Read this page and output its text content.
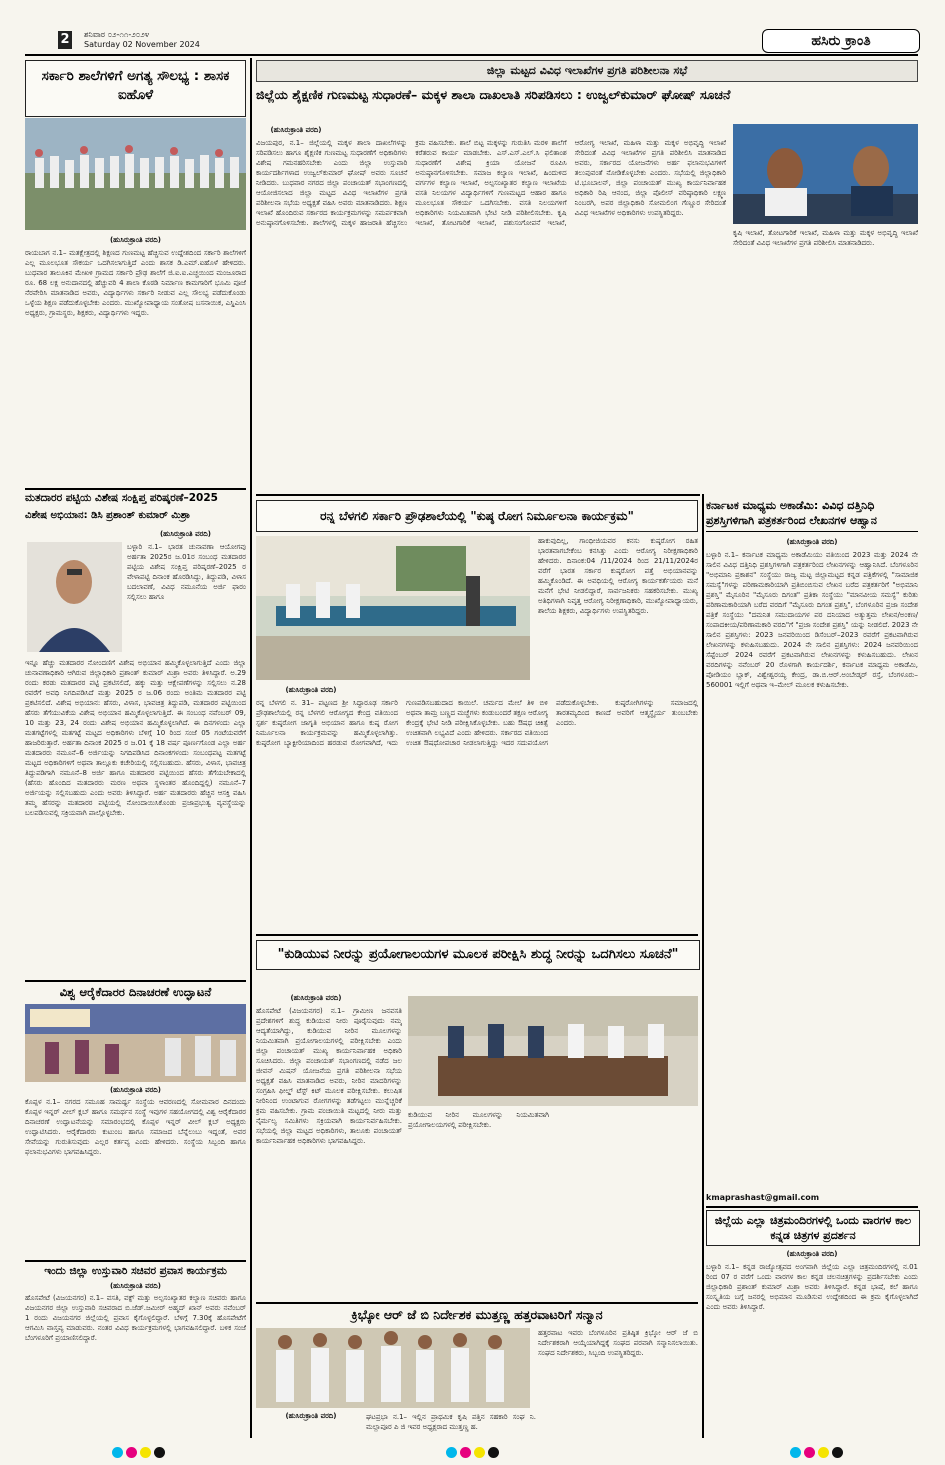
2	ಶನಿವಾರ ೦೨-೧೧-೨೦೨೪
Saturday 02 November 2024	ಹಸಿರು ಕ್ರಾಂತಿ
ಸರ್ಕಾರಿ ಶಾಲೆಗಳಿಗೆ ಅಗತ್ಯ ಸೌಲಭ್ಯ : ಶಾಸಕ ಐಹೊಳೆ
(ಹುಸಿರುಕ್ರಾಂತಿ ವರದಿ)
ರಾಯಬಾಗ ನ.1– ಮತಕ್ಷೇತ್ರದಲ್ಲಿ ಶಿಕ್ಷಣದ ಗುಣಮಟ್ಟ ಹೆಚ್ಚಿಸುವ ಉದ್ದೇಶದಿಂದ ಸರ್ಕಾರಿ ಶಾಲೆಗಳಿಗೆ ಎಲ್ಲ ಮೂಲಭೂತ ಸೌಕರ್ಯ ಒದಗಿಸಲಾಗುತ್ತಿದೆ ಎಂದು ಶಾಸಕ ಡಿ.ಎಮ್.ಐಹೊಳೆ ಹೇಳಿದರು. ಬುಧವಾರ ತಾಲೂಕಿನ ಮೇಖಳಿ ಗ್ರಾಮದ ಸರ್ಕಾರಿ ಪ್ರೌಢ ಶಾಲೆಗೆ ಜಿ.ಐ.ಐ.ಎಚ್ಚಯಿಂದ ಮಂಜೂರಾದ ರೂ. 68 ಲಕ್ಷ ಅನುದಾನದಲ್ಲಿ ಹೆಚ್ಚುವರಿ 4 ಶಾಲಾ ಕೊಠಡಿ ನಿರ್ಮಾಣ ಕಾಮಗಾರಿಗೆ ಭೂಮಿ ಪೂಜೆ ನೆರವೇರಿಸಿ ಮಾತನಾಡಿದ ಅವರು, ವಿದ್ಯಾರ್ಥಿಗಳು ಸರ್ಕಾರಿ ನೀಡುವ ಎಲ್ಲ ಸೌಲಭ್ಯ ಪಡೆದುಕೊಂಡು ಒಳ್ಳೆಯ ಶಿಕ್ಷಣ ಪಡೆದುಕೊಳ್ಳಬೇಕು ಎಂದರು. ಮುಖ್ಯೋಪಾಧ್ಯಾಯ ಸಂತೋಷ ಬಸನಾಯಿಕ, ಎಸ್ಡಿಎಂಸಿ ಅಧ್ಯಕ್ಷರು, ಗ್ರಾಮಸ್ಥರು, ಶಿಕ್ಷಕರು, ವಿದ್ಯಾರ್ಥಿಗಳು ಇದ್ದರು.
ಮತದಾರರ ಪಟ್ಟಿಯ ವಿಶೇಷ ಸಂಕ್ಷಿಪ್ತ ಪರಿಷ್ಕರಣೆ–2025
ವಿಶೇಷ ಅಭಿಯಾನ: ಡಿಸಿ ಪ್ರಶಾಂತ್ ಕುಮಾರ್ ಮಿಶ್ರಾ
(ಹುಸಿರುಕ್ರಾಂತಿ ವರದಿ)
ಬಳ್ಳಾರಿ ನ.1– ಭಾರತ ಚುನಾವಣಾ ಆಯೋಗವು ಅರ್ಹತಾ 2025ರ ಜ.01ರ ಸಂಬಂಧ ಮತದಾರರ ಪಟ್ಟಿಯ ವಿಶೇಷ ಸಂಕ್ಷಿಪ್ತ ಪರಿಷ್ಕರಣೆ–2025 ರ ವೇಳಾಪಟ್ಟಿ ದಿನಾಂಕ ಹೊರಡಿಸಿದ್ದು, ತಿದ್ದುಪಡಿ, ವಿಳಾಸ ಬದಲಾವಣೆ, ವಿವಿಧ ನಮೂನೆಯ ಅರ್ಜಿ ಫಾರಂ ಸಲ್ಲಿಸಲು ಹಾಗೂ
ಇನ್ನೂ ಹೆಚ್ಚು ಮತದಾರರ ನೋಂದಣಿಗೆ ವಿಶೇಷ ಅಭಿಯಾನ ಹಮ್ಮಿಕೊಳ್ಳಲಾಗುತ್ತಿದೆ ಎಂದು ಜಿಲ್ಲಾ ಚುನಾವಣಾಧಿಕಾರಿ ಆಗಿರುವ ಜಿಲ್ಲಾಧಿಕಾರಿ ಪ್ರಶಾಂತ್ ಕುಮಾರ್ ಮಿಶ್ರಾ ಅವರು ತಿಳಿಸಿದ್ದಾರೆ. ಅ.29 ರಂದು ಕರಡು ಮತದಾರರ ಪಟ್ಟಿ ಪ್ರಕಟಿಸಲಿದೆ, ಹಕ್ಕು ಮತ್ತು ಆಕ್ಷೇಪಣೆಗಳನ್ನು ಸಲ್ಲಿಸಲು ನ.28 ರವರೆಗೆ ಅವಧಿ ನಿಗದಿಪಡಿಸಿದೆ ಮತ್ತು 2025 ರ ಜ.06 ರಂದು ಅಂತಿಮ ಮತದಾರರ ಪಟ್ಟಿ ಪ್ರಕಟಿಸಲಿದೆ. ವಿಶೇಷ ಅಭಿಯಾನ: ಹೆಸರು, ವಿಳಾಸ, ಭಾವಚಿತ್ರ ತಿದ್ದುಪಡಿ, ಮತದಾರರ ಪಟ್ಟಿಯಿಂದ ಹೆಸರು ತೆಗೆಯುವಿಕೆಯ ವಿಶೇಷ ಅಭಿಯಾನ ಹಮ್ಮಿಕೊಳ್ಳಲಾಗುತ್ತಿದೆ. ಈ ಸಂಬಂಧ ನವೆಂಬರ್ 09, 10 ಮತ್ತು 23, 24 ರಂದು ವಿಶೇಷ ಅಭಿಯಾನ ಹಮ್ಮಿಕೊಳ್ಳಲಾಗಿದೆ. ಈ ದಿನಗಳಂದು ಎಲ್ಲಾ ಮತಗಟ್ಟೆಗಳಲ್ಲಿ ಮತಗಟ್ಟೆ ಮಟ್ಟದ ಅಧಿಕಾರಿಗಳು ಬೆಳಿಗ್ಗೆ 10 ರಿಂದ ಸಂಜೆ 05 ಗಂಟೆಯವರೆಗೆ ಹಾಜರಿರುತ್ತಾರೆ. ಅರ್ಹತಾ ದಿನಾಂಕ 2025 ರ ಜ.01 ಕ್ಕೆ 18 ವರ್ಷ ಪೂರ್ಣಗೊಂಡ ಎಲ್ಲಾ ಅರ್ಹ ಮತದಾರರು ನಮೂನೆ–6 ಅರ್ಜಿಯನ್ನು ನಿಗದಿಪಡಿಸಿದ ದಿನಾಂಕಗಳಂದು ಸಂಬಂಧಪಟ್ಟ ಮತಗಟ್ಟೆ ಮಟ್ಟದ ಅಧಿಕಾರಿಗಳಿಗೆ ಅಥವಾ ತಾಲ್ಲೂಕು ಕಚೇರಿಯಲ್ಲಿ ಸಲ್ಲಿಸಬಹುದು. ಹೆಸರು, ವಿಳಾಸ, ಭಾವಚಿತ್ರ ತಿದ್ದುಪಡಿಗಾಗಿ ನಮೂನೆ–8 ಅರ್ಜಿ ಹಾಗೂ ಮತದಾರರ ಪಟ್ಟಿಯಿಂದ ಹೆಸರು ತೆಗೆಯಬೇಕಾದಲ್ಲಿ (ಹೆಸರು ಹೊಂದಿದ ಮತದಾರರು ಮರಣ ಅಥವಾ ಸ್ಥಳಾಂತರ ಹೊಂದಿದ್ದಲ್ಲಿ) ನಮೂನೆ–7 ಅರ್ಜಿಯನ್ನು ಸಲ್ಲಿಸಬಹುದು ಎಂದು ಅವರು ತಿಳಿಸಿದ್ದಾರೆ. ಅರ್ಹ ಮತದಾರರು ಹೆಚ್ಚಿನ ಆಸಕ್ತಿ ವಹಿಸಿ ತಮ್ಮ ಹೆಸರನ್ನು ಮತದಾರರ ಪಟ್ಟಿಯಲ್ಲಿ ನೋಂದಾಯಿಸಿಕೊಂಡು ಪ್ರಜಾಪ್ರಭುತ್ವ ವ್ಯವಸ್ಥೆಯನ್ನು ಬಲಪಡಿಸುವಲ್ಲಿ ಸಕ್ರಿಯವಾಗಿ ಪಾಲ್ಗೊಳ್ಳಬೇಕು.
ವಿಶ್ವ ಆರೈಕೆದಾರರ ದಿನಾಚರಣೆ ಉದ್ಘಾಟನೆ
(ಹುಸಿರುಕ್ರಾಂತಿ ವರದಿ)
ಕೊಪ್ಪಳ ನ.1– ನಗರದ ಸಮೂಹ ಸಾಮರ್ಥ್ಯ ಸಂಸ್ಥೆಯ ಆವರಣದಲ್ಲಿ ಸೋಮವಾರ ದಿನದಂದು ಕೊಪ್ಪಳ ಇನ್ನರ್ ವೀಲ್ ಕ್ಲಬ್ ಹಾಗೂ ಸಮರ್ಥನ ಸಂಸ್ಥೆ ಇವುಗಳ ಸಹಯೋಗದಲ್ಲಿ ವಿಶ್ವ ಆರೈಕೆದಾರರ ದಿನಾಚರಣೆ ಉದ್ಘಾಟನೆಯನ್ನು ಸಮಾರಂಭದಲ್ಲಿ ಕೊಪ್ಪಳ ಇನ್ನರ್ ವೀಲ್ ಕ್ಲಬ್ ಅಧ್ಯಕ್ಷರು ಉದ್ಘಾಟಿಸಿದರು. ಆರೈಕೆದಾರರು ಕುಟುಂಬ ಹಾಗೂ ಸಮಾಜದ ಬೆನ್ನೆಲುಬು ಇದ್ದಂತೆ, ಅವರ ಸೇವೆಯನ್ನು ಗುರುತಿಸುವುದು ಎಲ್ಲರ ಕರ್ತವ್ಯ ಎಂದು ಹೇಳಿದರು. ಸಂಸ್ಥೆಯ ಸಿಬ್ಬಂದಿ ಹಾಗೂ ಫಲಾನುಭವಿಗಳು ಭಾಗವಹಿಸಿದ್ದರು.
ಇಂದು ಜಿಲ್ಲಾ ಉಸ್ತುವಾರಿ ಸಚಿವರ ಪ್ರವಾಸ ಕಾರ್ಯಕ್ರಮ
(ಹುಸಿರುಕ್ರಾಂತಿ ವರದಿ)
ಹೊಸಪೇಟೆ (ವಿಜಯನಗರ) ನ.1– ವಸತಿ, ವಕ್ಫ್ ಮತ್ತು ಅಲ್ಪಸಂಖ್ಯಾತರ ಕಲ್ಯಾಣ ಸಚಿವರು ಹಾಗೂ ವಿಜಯನಗರ ಜಿಲ್ಲಾ ಉಸ್ತುವಾರಿ ಸಚಿವರಾದ ಬಿ.ಜೆಡ್.ಜಮೀರ್ ಅಹ್ಮದ್ ಖಾನ್ ಅವರು ನವೆಂಬರ್ 1 ರಂದು ವಿಜಯನಗರ ಜಿಲ್ಲೆಯಲ್ಲಿ ಪ್ರವಾಸ ಕೈಗೊಳ್ಳಲಿದ್ದಾರೆ. ಬೆಳಿಗ್ಗೆ 7.30ಕ್ಕೆ ಹೊಸಪೇಟೆಗೆ ಆಗಮಿಸಿ ವಾಸ್ತವ್ಯ ಮಾಡುವರು. ನಂತರ ವಿವಿಧ ಕಾರ್ಯಕ್ರಮಗಳಲ್ಲಿ ಭಾಗವಹಿಸಲಿದ್ದಾರೆ. ಬಳಿಕ ಸಂಜೆ ಬೆಂಗಳೂರಿಗೆ ಪ್ರಯಾಣಿಸಲಿದ್ದಾರೆ.
ಜಿಲ್ಲಾ ಮಟ್ಟದ ವಿವಿಧ ಇಲಾಖೆಗಳ ಪ್ರಗತಿ ಪರಿಶೀಲನಾ ಸಭೆ
ಜಿಲ್ಲೆಯ ಶೈಕ್ಷಣಿಕ ಗುಣಮಟ್ಟ ಸುಧಾರಣೆ– ಮಕ್ಕಳ ಶಾಲಾ ದಾಖಲಾತಿ ಸರಿಪಡಿಸಲು : ಉಜ್ವಲ್‌ಕುಮಾರ್ ಘೋಷ್ ಸೂಚನೆ
(ಹುಸಿರುಕ್ರಾಂತಿ ವರದಿ)
ವಿಜಯಪುರ, ನ.1– ಜಿಲ್ಲೆಯಲ್ಲಿ ಮಕ್ಕಳ ಶಾಲಾ ದಾಖಲೆಗಳನ್ನು ಸರಿಪಡಿಸಲು ಹಾಗೂ ಶೈಕ್ಷಣಿಕ ಗುಣಮಟ್ಟ ಸುಧಾರಣೆಗೆ ಅಧಿಕಾರಿಗಳು ವಿಶೇಷ ಗಮನಹರಿಸಬೇಕು ಎಂದು ಜಿಲ್ಲಾ ಉಸ್ತುವಾರಿ ಕಾರ್ಯದರ್ಶಿಗಳಾದ ಉಜ್ವಲ್‌ಕುಮಾರ್ ಘೋಷ್ ಅವರು ಸೂಚನೆ ನೀಡಿದರು. ಬುಧವಾರ ನಗರದ ಜಿಲ್ಲಾ ಪಂಚಾಯತ್ ಸಭಾಂಗಣದಲ್ಲಿ ಆಯೋಜಿಸಲಾದ ಜಿಲ್ಲಾ ಮಟ್ಟದ ವಿವಿಧ ಇಲಾಖೆಗಳ ಪ್ರಗತಿ ಪರಿಶೀಲನಾ ಸಭೆಯ ಅಧ್ಯಕ್ಷತೆ ವಹಿಸಿ ಅವರು ಮಾತನಾಡಿದರು. ಶಿಕ್ಷಣ ಇಲಾಖೆ ಹೊಂದಿರುವ ಸರ್ಕಾರದ ಕಾರ್ಯಕ್ರಮಗಳನ್ನು ಸಮರ್ಪಕವಾಗಿ ಅನುಷ್ಠಾನಗೊಳಿಸಬೇಕು. ಶಾಲೆಗಳಲ್ಲಿ ಮಕ್ಕಳ ಹಾಜರಾತಿ ಹೆಚ್ಚಿಸಲು ಕ್ರಮ ವಹಿಸಬೇಕು. ಶಾಲೆ ಬಿಟ್ಟ ಮಕ್ಕಳನ್ನು ಗುರುತಿಸಿ ಮರಳಿ ಶಾಲೆಗೆ ಕರೆತರುವ ಕಾರ್ಯ ಮಾಡಬೇಕು. ಎಸ್.ಎಸ್.ಎಲ್.ಸಿ ಫಲಿತಾಂಶ ಸುಧಾರಣೆಗೆ ವಿಶೇಷ ಕ್ರಿಯಾ ಯೋಜನೆ ರೂಪಿಸಿ ಅನುಷ್ಠಾನಗೊಳಿಸಬೇಕು. ಸಮಾಜ ಕಲ್ಯಾಣ ಇಲಾಖೆ, ಹಿಂದುಳಿದ ವರ್ಗಗಳ ಕಲ್ಯಾಣ ಇಲಾಖೆ, ಅಲ್ಪಸಂಖ್ಯಾತರ ಕಲ್ಯಾಣ ಇಲಾಖೆಯ ವಸತಿ ನಿಲಯಗಳ ವಿದ್ಯಾರ್ಥಿಗಳಿಗೆ ಗುಣಮಟ್ಟದ ಆಹಾರ ಹಾಗೂ ಮೂಲಭೂತ ಸೌಕರ್ಯ ಒದಗಿಸಬೇಕು. ವಸತಿ ನಿಲಯಗಳಿಗೆ ಅಧಿಕಾರಿಗಳು ನಿಯಮಿತವಾಗಿ ಭೇಟಿ ನೀಡಿ ಪರಿಶೀಲಿಸಬೇಕು. ಕೃಷಿ ಇಲಾಖೆ, ತೋಟಗಾರಿಕೆ ಇಲಾಖೆ, ಪಶುಸಂಗೋಪನೆ ಇಲಾಖೆ, ಆರೋಗ್ಯ ಇಲಾಖೆ, ಮಹಿಳಾ ಮತ್ತು ಮಕ್ಕಳ ಅಭಿವೃದ್ಧಿ ಇಲಾಖೆ ಸೇರಿದಂತೆ ವಿವಿಧ ಇಲಾಖೆಗಳ ಪ್ರಗತಿ ಪರಿಶೀಲಿಸಿ ಮಾತನಾಡಿದ ಅವರು, ಸರ್ಕಾರದ ಯೋಜನೆಗಳು ಅರ್ಹ ಫಲಾನುಭವಿಗಳಿಗೆ ತಲುಪುವಂತೆ ನೋಡಿಕೊಳ್ಳಬೇಕು ಎಂದರು. ಸಭೆಯಲ್ಲಿ ಜಿಲ್ಲಾಧಿಕಾರಿ ಟಿ.ಭೂಬಾಲನ್, ಜಿಲ್ಲಾ ಪಂಚಾಯತ್ ಮುಖ್ಯ ಕಾರ್ಯನಿರ್ವಾಹಕ ಅಧಿಕಾರಿ ರಿಷಿ ಆನಂದ, ಜಿಲ್ಲಾ ಪೊಲೀಸ್ ವರಿಷ್ಠಾಧಿಕಾರಿ ಲಕ್ಷ್ಮಣ ನಿಂಬರಗಿ, ಅಪರ ಜಿಲ್ಲಾಧಿಕಾರಿ ಸೋಮಲಿಂಗ ಗೆಣ್ಣೂರ ಸೇರಿದಂತೆ ವಿವಿಧ ಇಲಾಖೆಗಳ ಅಧಿಕಾರಿಗಳು ಉಪಸ್ಥಿತರಿದ್ದರು.
ಕೃಷಿ ಇಲಾಖೆ, ತೋಟಗಾರಿಕೆ ಇಲಾಖೆ, ಮಹಿಳಾ ಮತ್ತು ಮಕ್ಕಳ ಅಭಿವೃದ್ಧಿ ಇಲಾಖೆ ಸೇರಿದಂತೆ ವಿವಿಧ ಇಲಾಖೆಗಳ ಪ್ರಗತಿ ಪರಿಶೀಲಿಸಿ ಮಾತನಾಡಿದರು.
ರನ್ನ ಬೆಳಗಲಿ ಸರ್ಕಾರಿ ಪ್ರೌಢಶಾಲೆಯಲ್ಲಿ "ಕುಷ್ಠ ರೋಗ ನಿರ್ಮೂಲನಾ ಕಾರ್ಯಕ್ರಮ"
ಹಾಕುವುದಿಲ್ಲ, ಗಾಂಧೀಜಿಯವರ ಕನಸು ಕುಷ್ಠರೋಗ ರಹಿತ ಭಾರತವಾಗಬೇಕೆಂಬ ಕನಸಿತ್ತು ಎಂದು ಆರೋಗ್ಯ ನಿರೀಕ್ಷಣಾಧಿಕಾರಿ ಹೇಳಿದರು. ದಿನಾಂಕ:04 /11/2024 ರಿಂದ 21/11/2024ರ ವರೆಗೆ ಭಾರತ ಸರ್ಕಾರ ಕುಷ್ಠರೋಗ ಪತ್ತೆ ಅಭಿಯಾನವನ್ನು ಹಮ್ಮಿಕೊಂಡಿದೆ. ಈ ಅವಧಿಯಲ್ಲಿ ಆರೋಗ್ಯ ಕಾರ್ಯಕರ್ತೆಯರು ಮನೆ ಮನೆಗೆ ಭೇಟಿ ನೀಡಲಿದ್ದಾರೆ, ಸಾರ್ವಜನಿಕರು ಸಹಕರಿಸಬೇಕು. ಮುಖ್ಯ ಅತಿಥಿಗಳಾಗಿ ನಿವೃತ್ತ ಆರೋಗ್ಯ ನಿರೀಕ್ಷಣಾಧಿಕಾರಿ, ಮುಖ್ಯೋಪಾಧ್ಯಾಯರು, ಶಾಲೆಯ ಶಿಕ್ಷಕರು, ವಿದ್ಯಾರ್ಥಿಗಳು ಉಪಸ್ಥಿತರಿದ್ದರು.
(ಹುಸಿರುಕ್ರಾಂತಿ ವರದಿ)
ರನ್ನ ಬೆಳಗಲಿ ನ. 31– ಪಟ್ಟಣದ ಶ್ರೀ ಸಿದ್ಧಾರೂಢ ಸರ್ಕಾರಿ ಪ್ರೌಢಶಾಲೆಯಲ್ಲಿ ರನ್ನ ಬೆಳಗಲಿ ಆರೋಗ್ಯದ ಕೇಂದ್ರ ವತಿಯಿಂದ ಸ್ಪರ್ಶ ಕುಷ್ಠರೋಗ ಜಾಗೃತಿ ಅಭಿಯಾನ ಹಾಗೂ ಕುಷ್ಠ ರೋಗ ನಿರ್ಮೂಲನಾ ಕಾರ್ಯಕ್ರಮವನ್ನು ಹಮ್ಮಿಕೊಳ್ಳಲಾಗಿತ್ತು. ಕುಷ್ಠರೋಗ ಬ್ಯಾಕ್ಟೀರಿಯಾದಿಂದ ಹರಡುವ ರೋಗವಾಗಿದೆ, ಇದು ಗುಣಪಡಿಸಬಹುದಾದ ಕಾಯಿಲೆ. ಚರ್ಮದ ಮೇಲೆ ತಿಳಿ ಬಿಳಿ ಅಥವಾ ತಾಮ್ರ ಬಣ್ಣದ ಮಚ್ಚೆಗಳು ಕಂಡುಬಂದರೆ ತಕ್ಷಣ ಆರೋಗ್ಯ ಕೇಂದ್ರಕ್ಕೆ ಭೇಟಿ ನೀಡಿ ಪರೀಕ್ಷಿಸಿಕೊಳ್ಳಬೇಕು. ಬಹು ಔಷಧ ಚಿಕಿತ್ಸೆ ಉಚಿತವಾಗಿ ಲಭ್ಯವಿದೆ ಎಂದು ಹೇಳಿದರು. ಸರ್ಕಾರದ ವತಿಯಿಂದ ಉಚಿತ ಔಷಧೋಪಚಾರ ನೀಡಲಾಗುತ್ತಿದ್ದು ಇದರ ಸದುಪಯೋಗ ಪಡೆದುಕೊಳ್ಳಬೇಕು. ಕುಷ್ಠರೋಗಿಗಳನ್ನು ಸಮಾಜದಲ್ಲಿ ತಾರತಮ್ಯದಿಂದ ಕಾಣದೆ ಅವರಿಗೆ ಆತ್ಮಸ್ಥೈರ್ಯ ತುಂಬಬೇಕು ಎಂದರು.
ಕರ್ನಾಟಕ ಮಾಧ್ಯಮ ಅಕಾಡೆಮಿ: ವಿವಿಧ ದತ್ತಿನಿಧಿ ಪ್ರಶಸ್ತಿಗಳಿಗಾಗಿ ಪತ್ರಕರ್ತರಿಂದ ಲೇಖನಗಳ ಆಹ್ವಾನ
(ಹುಸಿರುಕ್ರಾಂತಿ ವರದಿ)
ಬಳ್ಳಾರಿ ನ.1– ಕರ್ನಾಟಕ ಮಾಧ್ಯಮ ಅಕಾಡೆಮಿಯು ವತಿಯಿಂದ 2023 ಮತ್ತು 2024 ನೇ ಸಾಲಿನ ವಿವಿಧ ದತ್ತಿನಿಧಿ ಪ್ರಶಸ್ತಿಗಳಿಗಾಗಿ ಪತ್ರಕರ್ತರಿಂದ ಲೇಖನಗಳನ್ನು ಆಹ್ವಾನಿಸಿದೆ. ಬೆಂಗಳೂರಿನ "ಅಭಿಮಾನಿ ಪ್ರಕಾಶನ" ಸಂಸ್ಥೆಯು ರಾಜ್ಯ ಮಟ್ಟ ಜಿಲ್ಲಾಮಟ್ಟದ ಕನ್ನಡ ಪತ್ರಿಕೆಗಳಲ್ಲಿ "ಸಾಮಾಜಿಕ ಸಮಸ್ಯೆ"ಗಳನ್ನು ಪರಿಣಾಮಕಾರಿಯಾಗಿ ಪ್ರತಿಬಿಂಬಿಸುವ ಲೇಖನ ಬರೆದ ಪತ್ರಕರ್ತರಿಗೆ "ಅಭಿಮಾನಿ ಪ್ರಶಸ್ತಿ" ಮೈಸೂರಿನ "ಮೈಸೂರು ದಿಗಂತ" ಪ್ರತಿಕಾ ಸಂಸ್ಥೆಯು "ಮಾನವೀಯ ಸಮಸ್ಯೆ" ಕುರಿತು ಪರಿಣಾಮಕಾರಿಯಾಗಿ ಬರೆದ ವರದಿಗೆ "ಮೈಸೂರು ದಿಗಂತ ಪ್ರಶಸ್ತಿ", ಬೆಂಗಳೂರಿನ ಪ್ರಜಾ ಸಂದೇಶ ಪತ್ರಿಕೆ ಸಂಸ್ಥೆಯು "ದಮನಿತ ಸಮುದಾಯಗಳ ಪರ ದನಿಯಾದ ಅತ್ಯುತ್ತಮ ಲೇಖನ/ಅಂಕಣ/ಸಂಪಾದಕೀಯ/ಪರಿಣಾಮಕಾರಿ ವರದಿ"ಗೆ "ಪ್ರಜಾ ಸಂದೇಶ ಪ್ರಶಸ್ತಿ" ಯನ್ನು ನೀಡಲಿದೆ. 2023 ನೇ ಸಾಲಿನ ಪ್ರಶಸ್ತಿಗಳು: 2023 ಜನವರಿಯಿಂದ ಡಿಸೆಂಬರ್–2023 ರವರೆಗೆ ಪ್ರಕಟವಾಗಿರುವ ಲೇಖನಗಳನ್ನು ಕಳುಹಿಸಬಹುದು. 2024 ನೇ ಸಾಲಿನ ಪ್ರಶಸ್ತಿಗಳು: 2024 ಜನವರಿಯಿಂದ ಸೆಪ್ಟೆಂಬರ್ 2024 ರವರೆಗೆ ಪ್ರಕಟವಾಗಿರುವ ಲೇಖನಗಳನ್ನು ಕಳುಹಿಸಬಹುದು. ಲೇಖನ ವರದಿಗಳನ್ನು ನವೆಂಬರ್ 20 ರೊಳಗಾಗಿ ಕಾರ್ಯದರ್ಶಿ, ಕರ್ನಾಟಕ ಮಾಧ್ಯಮ ಅಕಾಡೆಮಿ, ಪೋಡಿಯಂ ಬ್ಲಾಕ್, ವಿಶ್ವೇಶ್ವರಯ್ಯ ಕೇಂದ್ರ, ಡಾ.ಬಿ.ಆರ್.ಅಂಬೇಡ್ಕರ್ ರಸ್ತೆ, ಬೆಂಗಳೂರು–560001 ಇಲ್ಲಿಗೆ ಅಥವಾ ಇ–ಮೇಲ್ ಮೂಲಕ ಕಳುಹಿಸಬೇಕು.
kmaprashast@gmail.com
ಜಿಲ್ಲೆಯ ಎಲ್ಲಾ ಚಿತ್ರಮಂದಿರಗಳಲ್ಲಿ ಒಂದು ವಾರಗಳ ಕಾಲ ಕನ್ನಡ ಚಿತ್ರಗಳ ಪ್ರದರ್ಶನ
(ಹುಸಿರುಕ್ರಾಂತಿ ವರದಿ)
ಬಳ್ಳಾರಿ ನ.1– ಕನ್ನಡ ರಾಜ್ಯೋತ್ಸವದ ಅಂಗವಾಗಿ ಜಿಲ್ಲೆಯ ಎಲ್ಲಾ ಚಿತ್ರಮಂದಿರಗಳಲ್ಲಿ ನ.01 ರಿಂದ 07 ರ ವರೆಗೆ ಒಂದು ವಾರಗಳ ಕಾಲ ಕನ್ನಡ ಚಲನಚಿತ್ರಗಳನ್ನು ಪ್ರದರ್ಶಿಸಬೇಕು ಎಂದು ಜಿಲ್ಲಾಧಿಕಾರಿ ಪ್ರಶಾಂತ್ ಕುಮಾರ್ ಮಿಶ್ರಾ ಅವರು ತಿಳಿಸಿದ್ದಾರೆ. ಕನ್ನಡ ಭಾಷೆ, ಕಲೆ ಹಾಗೂ ಸಂಸ್ಕೃತಿಯ ಬಗ್ಗೆ ಜನರಲ್ಲಿ ಅಭಿಮಾನ ಮೂಡಿಸುವ ಉದ್ದೇಶದಿಂದ ಈ ಕ್ರಮ ಕೈಗೊಳ್ಳಲಾಗಿದೆ ಎಂದು ಅವರು ತಿಳಿಸಿದ್ದಾರೆ.
"ಕುಡಿಯುವ ನೀರನ್ನು ಪ್ರಯೋಗಾಲಯಗಳ ಮೂಲಕ ಪರೀಕ್ಷಿಸಿ ಶುದ್ಧ ನೀರನ್ನು ಒದಗಿಸಲು ಸೂಚನೆ"
(ಹುಸಿರುಕ್ರಾಂತಿ ವರದಿ)
ಹೊಸಪೇಟೆ (ವಿಜಯನಗರ) ನ.1– ಗ್ರಾಮೀಣ ಜನವಸತಿ ಪ್ರದೇಶಗಳಿಗೆ ಶುದ್ಧ ಕುಡಿಯುವ ನೀರು ಪೂರೈಸುವುದು ನಮ್ಮ ಆದ್ಯತೆಯಾಗಿದ್ದು, ಕುಡಿಯುವ ನೀರಿನ ಮೂಲಗಳನ್ನು ನಿಯಮಿತವಾಗಿ ಪ್ರಯೋಗಾಲಯಗಳಲ್ಲಿ ಪರೀಕ್ಷಿಸಬೇಕು ಎಂದು ಜಿಲ್ಲಾ ಪಂಚಾಯತ್ ಮುಖ್ಯ ಕಾರ್ಯನಿರ್ವಾಹಕ ಅಧಿಕಾರಿ ಸೂಚಿಸಿದರು. ಜಿಲ್ಲಾ ಪಂಚಾಯತ್ ಸಭಾಂಗಣದಲ್ಲಿ ನಡೆದ ಜಲ ಜೀವನ್ ಮಿಷನ್ ಯೋಜನೆಯ ಪ್ರಗತಿ ಪರಿಶೀಲನಾ ಸಭೆಯ ಅಧ್ಯಕ್ಷತೆ ವಹಿಸಿ ಮಾತನಾಡಿದ ಅವರು, ನೀರಿನ ಮಾದರಿಗಳನ್ನು ಸಂಗ್ರಹಿಸಿ ಫೀಲ್ಡ್ ಟೆಸ್ಟ್ ಕಿಟ್ ಮೂಲಕ ಪರೀಕ್ಷಿಸಬೇಕು. ಕಲುಷಿತ ನೀರಿನಿಂದ ಉಂಟಾಗುವ ರೋಗಗಳನ್ನು ತಡೆಗಟ್ಟಲು ಮುನ್ನೆಚ್ಚರಿಕೆ ಕ್ರಮ ವಹಿಸಬೇಕು. ಗ್ರಾಮ ಪಂಚಾಯಿತಿ ಮಟ್ಟದಲ್ಲಿ ನೀರು ಮತ್ತು ನೈರ್ಮಲ್ಯ ಸಮಿತಿಗಳು ಸಕ್ರಿಯವಾಗಿ ಕಾರ್ಯನಿರ್ವಹಿಸಬೇಕು. ಸಭೆಯಲ್ಲಿ ಜಿಲ್ಲಾ ಮಟ್ಟದ ಅಧಿಕಾರಿಗಳು, ತಾಲೂಕು ಪಂಚಾಯತ್ ಕಾರ್ಯನಿರ್ವಾಹಕ ಅಧಿಕಾರಿಗಳು ಭಾಗವಹಿಸಿದ್ದರು.
ಕುಡಿಯುವ ನೀರಿನ ಮೂಲಗಳನ್ನು ನಿಯಮಿತವಾಗಿ ಪ್ರಯೋಗಾಲಯಗಳಲ್ಲಿ ಪರೀಕ್ಷಿಸಬೇಕು.
ಕ್ರಿಭ್ಕೋ ಆರ್ ಜೆ ಬಿ ನಿರ್ದೇಶಕ ಮುತ್ತಣ್ಣ ಹತ್ತರವಾಟರಿಗೆ ಸನ್ಮಾನ
ಹತ್ತರವಾಟ ಇವರು ಬೆಂಗಳೂರಿನ ಪ್ರತಿಷ್ಠಿತ ಕ್ರಿಭ್ಕೋ ಆರ್ ಜೆ ಬಿ ನಿರ್ದೇಶಕರಾಗಿ ಆಯ್ಕೆಯಾಗಿದ್ದಕ್ಕೆ ಸಂಘದ ಪರವಾಗಿ ಸನ್ಮಾನಿಸಲಾಯಿತು. ಸಂಘದ ನಿರ್ದೇಶಕರು, ಸಿಬ್ಬಂದಿ ಉಪಸ್ಥಿತರಿದ್ದರು.
(ಹುಸಿರುಕ್ರಾಂತಿ ವರದಿ)	ಘಟಪ್ರಭಾ ನ.1– ಇಲ್ಲಿನ ಪ್ರಾಥಮಿಕ ಕೃಷಿ ಪತ್ತಿನ ಸಹಕಾರಿ ಸಂಘ ನಿ. ಮಲ್ಲಾಪೂರ ಪಿ ಜಿ ಇವರ ಅಧ್ಯಕ್ಷರಾದ ಮುತ್ತಣ್ಣ ಹ.
